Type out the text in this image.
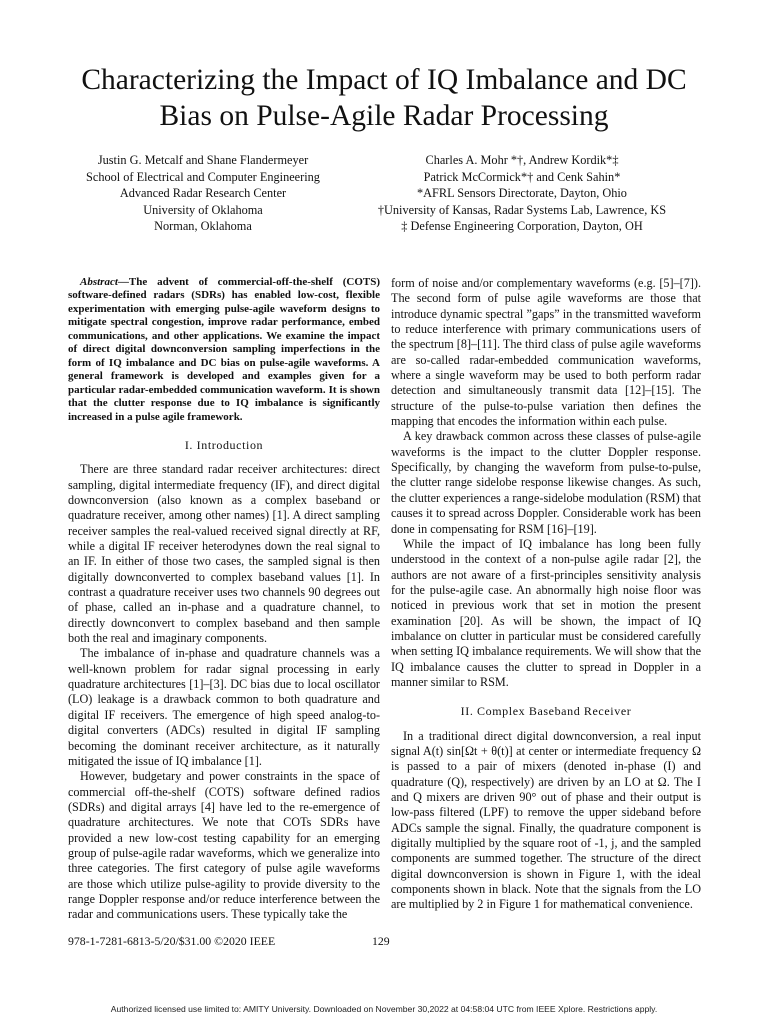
Characterizing the Impact of IQ Imbalance and DC
Bias on Pulse-Agile Radar Processing
Justin G. Metcalf and Shane Flandermeyer
School of Electrical and Computer Engineering
Advanced Radar Research Center
University of Oklahoma
Norman, Oklahoma
Charles A. Mohr *†, Andrew Kordik*‡
Patrick McCormick*† and Cenk Sahin*
*AFRL Sensors Directorate, Dayton, Ohio
†University of Kansas, Radar Systems Lab, Lawrence, KS
‡ Defense Engineering Corporation, Dayton, OH
Abstract—The advent of commercial-off-the-shelf (COTS) software-defined radars (SDRs) has enabled low-cost, flexible experimentation with emerging pulse-agile waveform designs to mitigate spectral congestion, improve radar performance, embed communications, and other applications. We examine the impact of direct digital downconversion sampling imperfections in the form of IQ imbalance and DC bias on pulse-agile waveforms. A general framework is developed and examples given for a particular radar-embedded communication waveform. It is shown that the clutter response due to IQ imbalance is significantly increased in a pulse agile framework.
I. Introduction

There are three standard radar receiver architectures: direct sampling, digital intermediate frequency (IF), and direct digital downconversion (also known as a complex baseband or quadrature receiver, among other names) [1]. A direct sampling receiver samples the real-valued received signal directly at RF, while a digital IF receiver heterodynes down the real signal to an IF. In either of those two cases, the sampled signal is then digitally downconverted to complex baseband values [1]. In contrast a quadrature receiver uses two channels 90 degrees out of phase, called an in-phase and a quadrature channel, to directly downconvert to complex baseband and then sample both the real and imaginary components.

The imbalance of in-phase and quadrature channels was a well-known problem for radar signal processing in early quadrature architectures [1]–[3]. DC bias due to local oscillator (LO) leakage is a drawback common to both quadrature and digital IF receivers. The emergence of high speed analog-to-digital converters (ADCs) resulted in digital IF sampling becoming the dominant receiver architecture, as it naturally mitigated the issue of IQ imbalance [1].

However, budgetary and power constraints in the space of commercial off-the-shelf (COTS) software defined radios (SDRs) and digital arrays [4] have led to the re-emergence of quadrature architectures. We note that COTs SDRs have provided a new low-cost testing capability for an emerging group of pulse-agile radar waveforms, which we generalize into three categories. The first category of pulse agile waveforms are those which utilize pulse-agility to provide diversity to the range Doppler response and/or reduce interference between the radar and communications users. These typically take the

form of noise and/or complementary waveforms (e.g. [5]–[7]). The second form of pulse agile waveforms are those that introduce dynamic spectral ”gaps” in the transmitted waveform to reduce interference with primary communications users of the spectrum [8]–[11]. The third class of pulse agile waveforms are so-called radar-embedded communication waveforms, where a single waveform may be used to both perform radar detection and simultaneously transmit data [12]–[15]. The structure of the pulse-to-pulse variation then defines the mapping that encodes the information within each pulse.

A key drawback common across these classes of pulse-agile waveforms is the impact to the clutter Doppler response. Specifically, by changing the waveform from pulse-to-pulse, the clutter range sidelobe response likewise changes. As such, the clutter experiences a range-sidelobe modulation (RSM) that causes it to spread across Doppler. Considerable work has been done in compensating for RSM [16]–[19].

While the impact of IQ imbalance has long been fully understood in the context of a non-pulse agile radar [2], the authors are not aware of a first-principles sensitivity analysis for the pulse-agile case. An abnormally high noise floor was noticed in previous work that set in motion the present examination [20]. As will be shown, the impact of IQ imbalance on clutter in particular must be considered carefully when setting IQ imbalance requirements. We will show that the IQ imbalance causes the clutter to spread in Doppler in a manner similar to RSM.

II. Complex Baseband Receiver

In a traditional direct digital downconversion, a real input signal A(t) sin[Ωt + θ(t)] at center or intermediate frequency Ω is passed to a pair of mixers (denoted in-phase (I) and quadrature (Q), respectively) are driven by an LO at Ω. The I and Q mixers are driven 90° out of phase and their output is low-pass filtered (LPF) to remove the upper sideband before ADCs sample the signal. Finally, the quadrature component is digitally multiplied by the square root of -1, j, and the sampled components are summed together. The structure of the direct digital downconversion is shown in Figure 1, with the ideal components shown in black. Note that the signals from the LO are multiplied by 2 in Figure 1 for mathematical convenience.

978-1-7281-6813-5/20/$31.00 ©2020 IEEE	129
Authorized licensed use limited to: AMITY University. Downloaded on November 30,2022 at 04:58:04 UTC from IEEE Xplore. Restrictions apply.
